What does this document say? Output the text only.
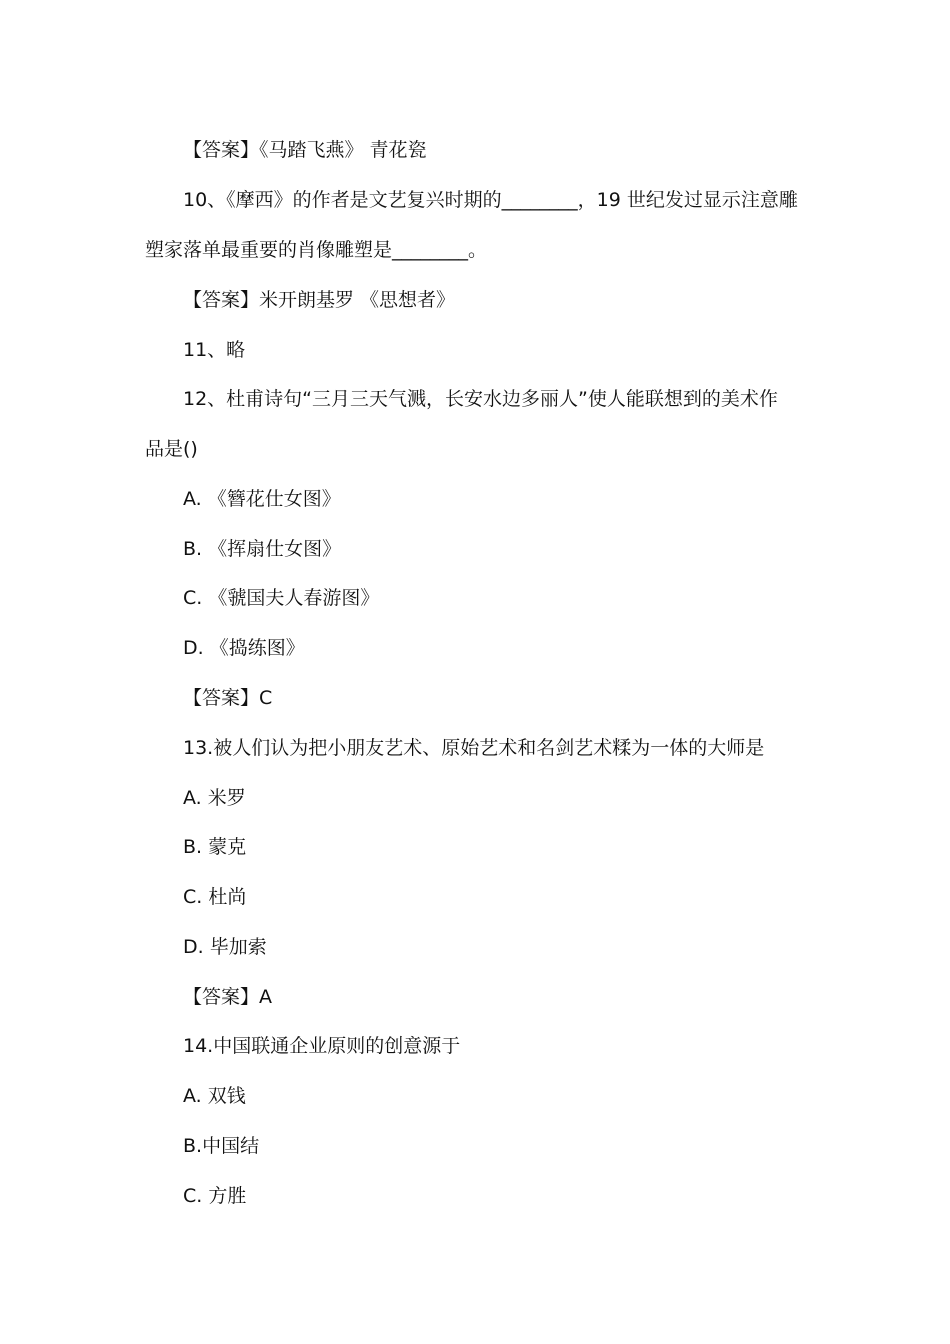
【答案】《马踏飞燕》 青花瓷
10、《摩西》的作者是文艺复兴时期的________，19 世纪发过显示注意雕
塑家落单最重要的肖像雕塑是________。
【答案】米开朗基罗 《思想者》
11、略
12、杜甫诗句“三月三天气溅，长安水边多丽人”使人能联想到的美术作
品是()
A. 《簪花仕女图》
B. 《挥扇仕女图》
C. 《虢国夫人春游图》
D. 《捣练图》
【答案】C
13.被人们认为把小朋友艺术、原始艺术和名剑艺术糅为一体的大师是
A. 米罗
B. 蒙克
C. 杜尚
D. 毕加索
【答案】A
14.中国联通企业原则的创意源于
A. 双钱
B.中国结
C. 方胜
